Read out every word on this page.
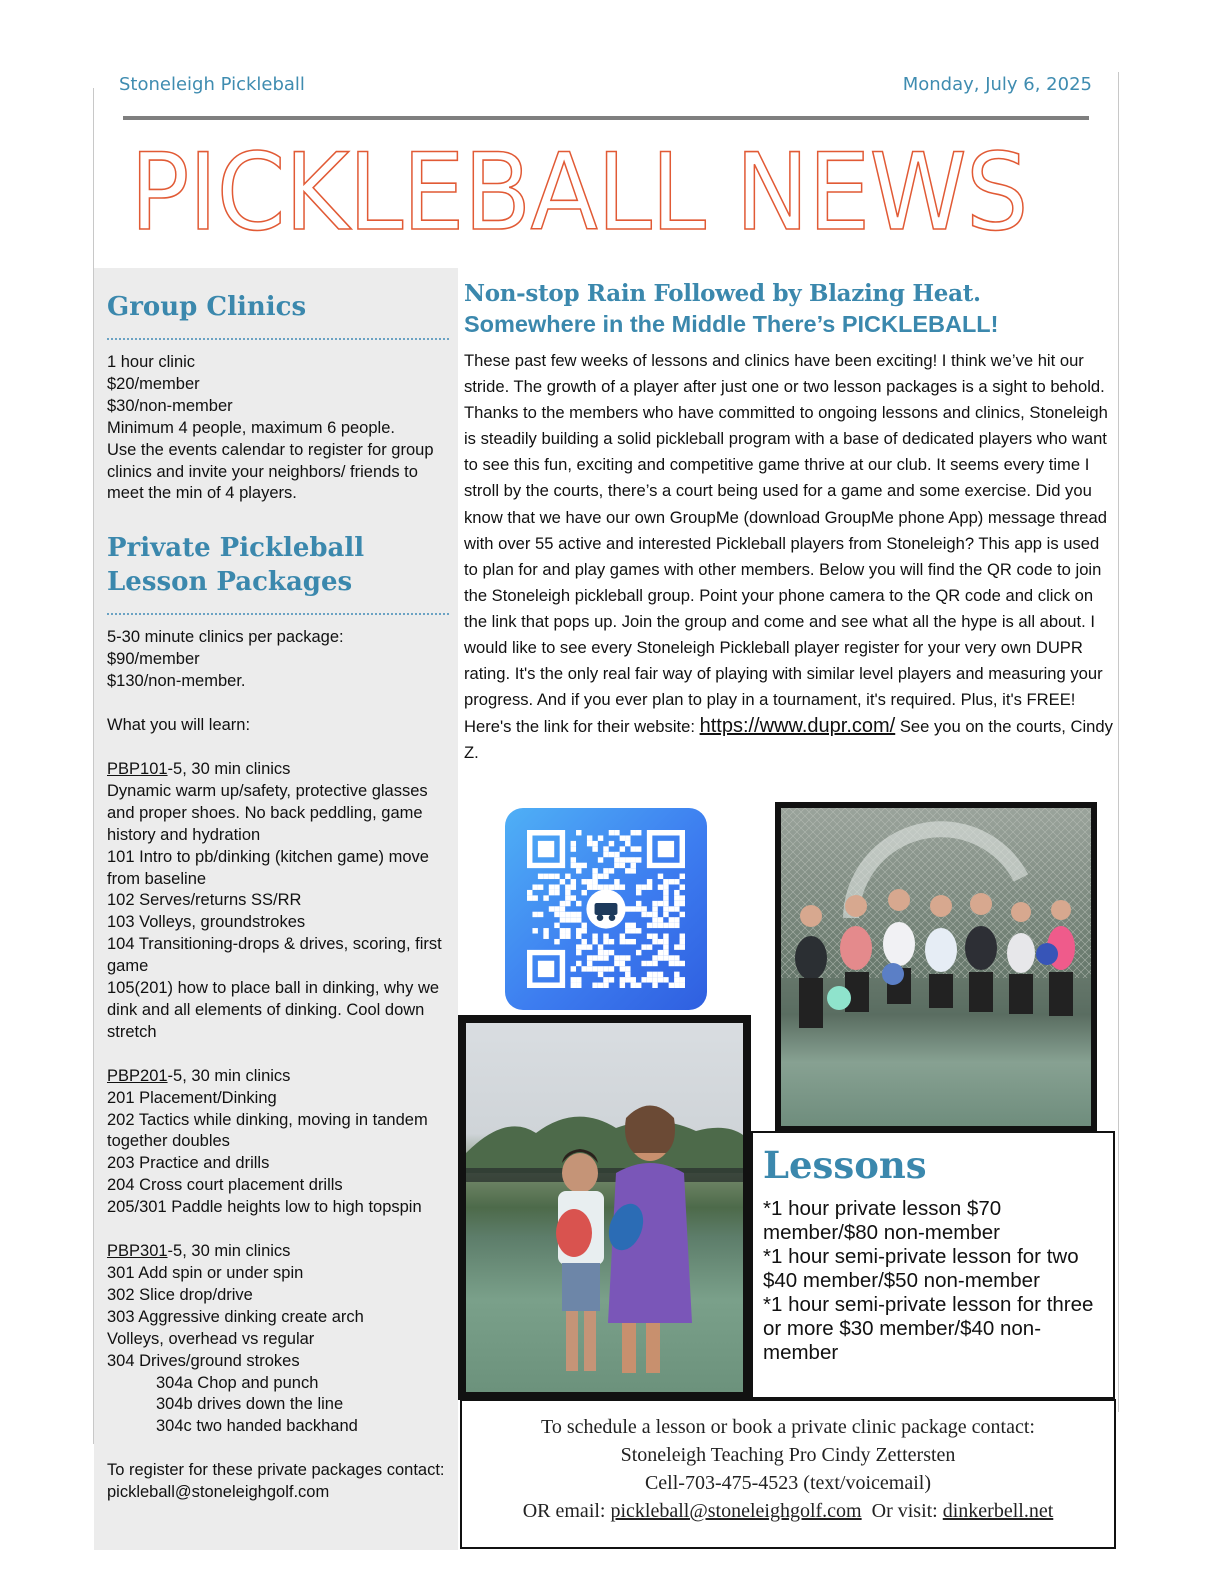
Stoneleigh Pickleball	Monday, July 6, 2025
PICKLEBALL NEWS
Group Clinics
1 hour clinic
$20/member
$30/non-member
Minimum 4 people, maximum 6 people.
Use the events calendar to register for group clinics and invite your neighbors/ friends to meet the min of 4 players.
Private Pickleball Lesson Packages
5-30 minute clinics per package:
$90/member
$130/non-member.
What you will learn:
PBP101-5, 30 min clinics
Dynamic warm up/safety, protective glasses and proper shoes. No back peddling, game history and hydration
101 Intro to pb/dinking (kitchen game) move from baseline
102 Serves/returns SS/RR
103 Volleys, groundstrokes
104 Transitioning-drops & drives, scoring, first game
105(201) how to place ball in dinking, why we dink and all elements of dinking. Cool down stretch
PBP201-5, 30 min clinics
201 Placement/Dinking
202 Tactics while dinking, moving in tandem together doubles
203 Practice and drills
204 Cross court placement drills
205/301 Paddle heights low to high topspin
PBP301-5, 30 min clinics
301 Add spin or under spin
302 Slice drop/drive
303 Aggressive dinking create arch
Volleys, overhead vs regular
304 Drives/ground strokes
304a Chop and punch
304b drives down the line
304c two handed backhand
To register for these private packages contact: pickleball@stoneleighgolf.com
Non-stop Rain Followed by Blazing Heat.
Somewhere in the Middle There’s PICKLEBALL!
These past few weeks of lessons and clinics have been exciting! I think we’ve hit our stride. The growth of a player after just one or two lesson packages is a sight to behold. Thanks to the members who have committed to ongoing lessons and clinics, Stoneleigh is steadily building a solid pickleball program with a base of dedicated players who want to see this fun, exciting and competitive game thrive at our club. It seems every time I stroll by the courts, there’s a court being used for a game and some exercise. Did you know that we have our own GroupMe (download GroupMe phone App) message thread with over 55 active and interested Pickleball players from Stoneleigh? This app is used to plan for and play games with other members. Below you will find the QR code to join the Stoneleigh pickleball group. Point your phone camera to the QR code and click on the link that pops up. Join the group and come and see what all the hype is all about. I would like to see every Stoneleigh Pickleball player register for your very own DUPR rating. It's the only real fair way of playing with similar level players and measuring your progress. And if you ever plan to play in a tournament, it's required. Plus, it's FREE! Here's the link for their website: https://www.dupr.com/ See you on the courts, Cindy Z.
Lessons
*1 hour private lesson $70 member/$80 non-member
*1 hour semi-private lesson for two $40 member/$50 non-member
*1 hour semi-private lesson for three or more $30 member/$40 non-member
To schedule a lesson or book a private clinic package contact:
Stoneleigh Teaching Pro Cindy Zettersten
Cell-703-475-4523 (text/voicemail)
OR email: pickleball@stoneleighgolf.com  Or visit: dinkerbell.net
